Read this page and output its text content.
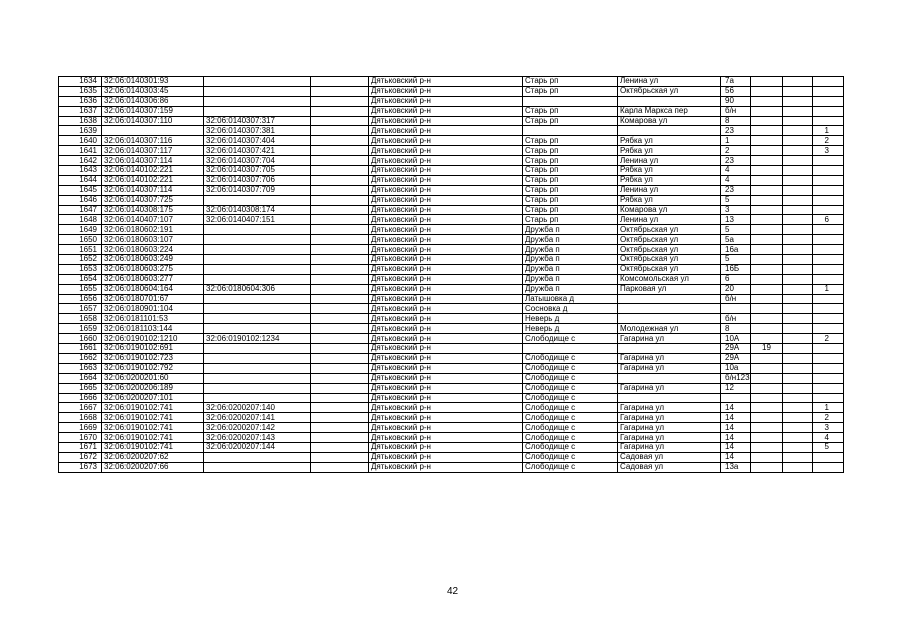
1634	32:06:0140301:93			Дятьковский р-н	Старь рп	Ленина ул	7а			
1635	32:06:0140303:45			Дятьковский р-н	Старь рп	Октябрьская ул	56			
1636	32:06:0140306:86			Дятьковский р-н			90			
1637	32:06:0140307:159			Дятьковский р-н	Старь рп	Карла Маркса пер	б/н			
1638	32:06:0140307:110	32:06:0140307:317		Дятьковский р-н	Старь рп	Комарова ул	8			
1639		32:06:0140307:381		Дятьковский р-н			23			1
1640	32:06:0140307:116	32:06:0140307:404		Дятьковский р-н	Старь рп	Рябка ул	1			2
1641	32:06:0140307:117	32:06:0140307:421		Дятьковский р-н	Старь рп	Рябка ул	2			3
1642	32:06:0140307:114	32:06:0140307:704		Дятьковский р-н	Старь рп	Ленина ул	23			
1643	32:06:0140102:221	32:06:0140307:705		Дятьковский р-н	Старь рп	Рябка ул	4			
1644	32:06:0140102:221	32:06:0140307:706		Дятьковский р-н	Старь рп	Рябка ул	4			
1645	32:06:0140307:114	32:06:0140307:709		Дятьковский р-н	Старь рп	Ленина ул	23			
1646	32:06:0140307:725			Дятьковский р-н	Старь рп	Рябка ул	5			
1647	32:06:0140308:175	32:06:0140308:174		Дятьковский р-н	Старь рп	Комарова ул	3			
1648	32:06:0140407:107	32:06:0140407:151		Дятьковский р-н	Старь рп	Ленина ул	13			6
1649	32:06:0180602:191			Дятьковский р-н	Дружба п	Октябрьская ул	5			
1650	32:06:0180603:107			Дятьковский р-н	Дружба п	Октябрьская ул	5а			
1651	32:06:0180603:224			Дятьковский р-н	Дружба п	Октябрьская ул	16а			
1652	32:06:0180603:249			Дятьковский р-н	Дружба п	Октябрьская ул	5			
1653	32:06:0180603:275			Дятьковский р-н	Дружба п	Октябрьская ул	16Б			
1654	32:06:0180603:277			Дятьковский р-н	Дружба п	Комсомольская ул	6			
1655	32:06:0180604:164	32:06:0180604:306		Дятьковский р-н	Дружба п	Парковая ул	20			1
1656	32:06:0180701:67			Дятьковский р-н	Латышовка д		б/н			
1657	32:06:0180901:104			Дятьковский р-н	Сосновка д					
1658	32:06:0181101:53			Дятьковский р-н	Неверь д		б/н			
1659	32:06:0181103:144			Дятьковский р-н	Неверь д	Молодежная ул	8			
1660	32:06:0190102:1210	32:06:0190102:1234		Дятьковский р-н	Слободище с	Гагарина ул	10А			2
1661	32:06:0190102:691			Дятьковский р-н			29А	19		
1662	32:06:0190102:723			Дятьковский р-н	Слободище с	Гагарина ул	29А			
1663	32:06:0190102:792			Дятьковский р-н	Слободище с	Гагарина ул	10а			
1664	32:06:0200201:60			Дятьковский р-н	Слободище с		б/н123			
1665	32:06:0200206:189			Дятьковский р-н	Слободище с	Гагарина ул	12			
1666	32:06:0200207:101			Дятьковский р-н	Слободище с					
1667	32:06:0190102:741	32:06:0200207:140		Дятьковский р-н	Слободище с	Гагарина ул	14			1
1668	32:06:0190102:741	32:06:0200207:141		Дятьковский р-н	Слободище с	Гагарина ул	14			2
1669	32:06:0190102:741	32:06:0200207:142		Дятьковский р-н	Слободище с	Гагарина ул	14			3
1670	32:06:0190102:741	32:06:0200207:143		Дятьковский р-н	Слободище с	Гагарина ул	14			4
1671	32:06:0190102:741	32:06:0200207:144		Дятьковский р-н	Слободище с	Гагарина ул	14			5
1672	32:06:0200207:62			Дятьковский р-н	Слободище с	Садовая ул	14			
1673	32:06:0200207:66			Дятьковский р-н	Слободище с	Садовая ул	13а			
42
